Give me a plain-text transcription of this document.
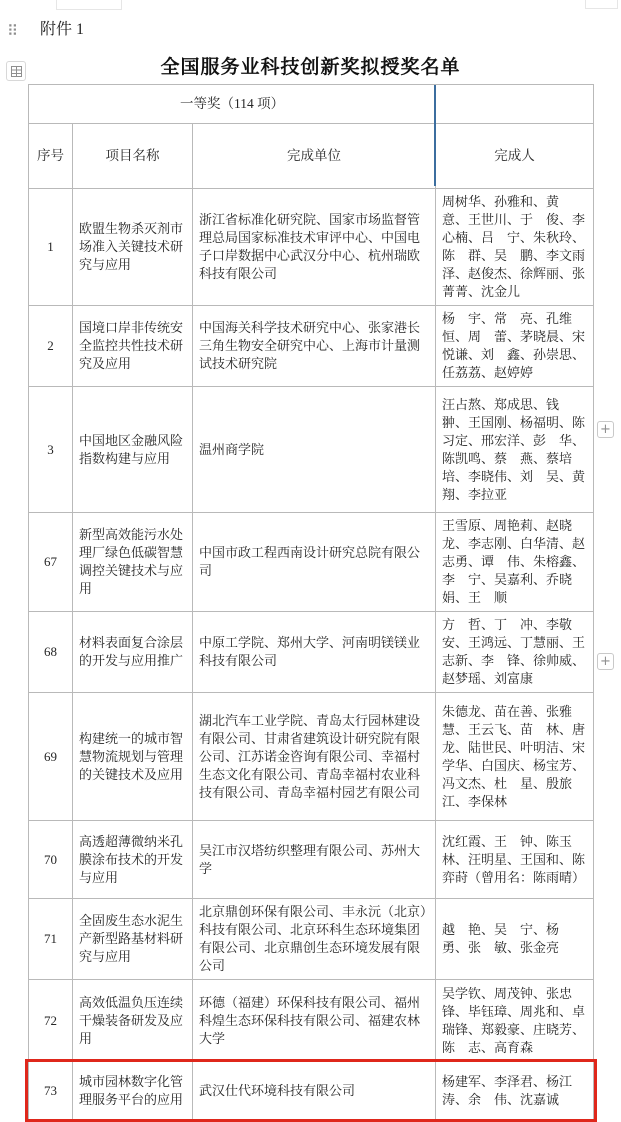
⠿ 附件 1
全国服务业科技创新奖拟授奖名单
一等奖（114 项）			
序号	项目名称	完成单位	完成人
1	欧盟生物杀灭剂市场准入关键技术研究与应用	浙江省标准化研究院、国家市场监督管理总局国家标准技术审评中心、中国电子口岸数据中心武汉分中心、杭州瑞欧科技有限公司	周树华、孙雅和、黄　意、王世川、于　俊、李心楠、吕　宁、朱秋玲、陈　群、吴　鹏、李文雨泽、赵俊杰、徐辉丽、张菁菁、沈金儿
2	国境口岸非传统安全监控共性技术研究及应用	中国海关科学技术研究中心、张家港长三角生物安全研究中心、上海市计量测试技术研究院	杨　宇、常　亮、孔维恒、周　蕾、茅晓晨、宋悦谦、刘　鑫、孙崇思、任荔荔、赵婷婷
3	中国地区金融风险指数构建与应用	温州商学院	汪占熬、郑成思、钱　翀、王国刚、杨福明、陈习定、邢宏洋、彭　华、陈凯鸣、蔡　燕、蔡培培、李晓伟、刘　吴、黄　翔、李拉亚
67	新型高效能污水处理厂绿色低碳智慧调控关键技术与应用	中国市政工程西南设计研究总院有限公司	王雪原、周艳莉、赵晓龙、李志刚、白华清、赵志勇、谭　伟、朱榕鑫、李　宁、吴嘉利、乔晓娟、王　顺
68	材料表面复合涂层的开发与应用推广	中原工学院、郑州大学、河南明镁镁业科技有限公司	方　哲、丁　冲、李敬安、王鸿远、丁慧丽、王志新、李　锋、徐帅威、赵梦瑶、刘富康
69	构建统一的城市智慧物流规划与管理的关键技术及应用	湖北汽车工业学院、青岛太行园林建设有限公司、甘肃省建筑设计研究院有限公司、江苏诺金咨询有限公司、幸福村生态文化有限公司、青岛幸福村农业科技有限公司、青岛幸福村园艺有限公司	朱德龙、苗在善、张雅慧、王云飞、苗　林、唐　龙、陆世民、叶明洁、宋学华、白国庆、杨宝芳、冯文杰、杜　星、殷旅江、李保林
70	高透超薄微纳米孔膜涂布技术的开发与应用	吴江市汉塔纺织整理有限公司、苏州大学	沈红霞、王　钟、陈玉林、汪明星、王国和、陈弈莳（曾用名：陈雨晴）
71	全固废生态水泥生产新型路基材料研究与应用	北京鼎创环保有限公司、丰永沅（北京）科技有限公司、北京环科生态环境集团有限公司、北京鼎创生态环境发展有限公司	越　艳、吴　宁、杨　勇、张　敏、张金亮
72	高效低温负压连续干燥装备研发及应用	环德（福建）环保科技有限公司、福州科煌生态环保科技有限公司、福建农林大学	吴学钦、周茂钟、张忠锋、毕钰璋、周兆和、卓瑞锋、郑毅豪、庄晓芳、陈　志、高育森
73	城市园林数字化管理服务平台的应用	武汉仕代环境科技有限公司	杨建军、李泽君、杨江涛、余　伟、沈嘉诚
+
+
